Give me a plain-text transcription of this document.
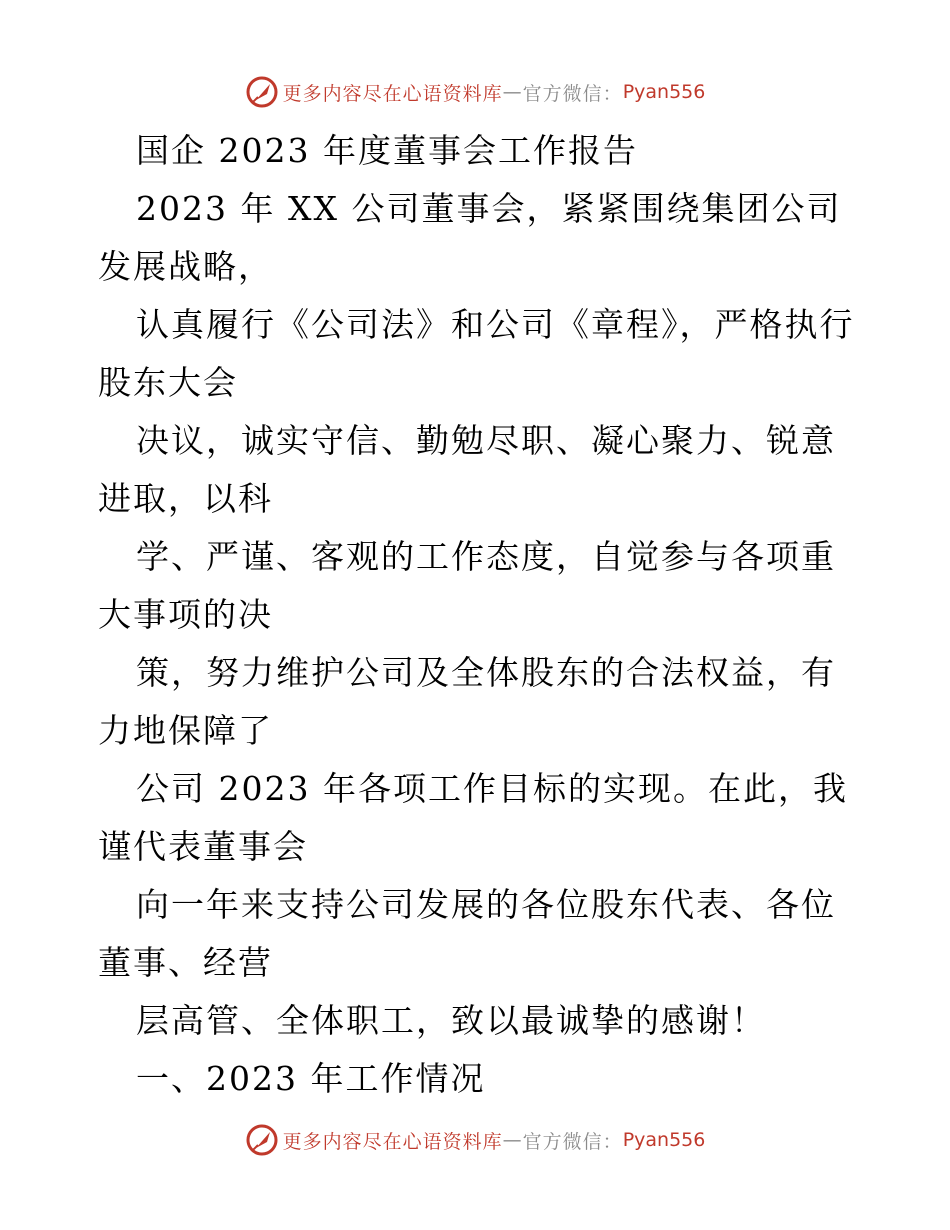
更多内容尽在心语资料库 — 官方微信： Pyan556

国企 2023 年度董事会工作报告

2023 年 XX 公司董事会，紧紧围绕集团公司发展战略，

认真履行《公司法》和公司《章程》，严格执行股东大会

决议，诚实守信、勤勉尽职、凝心聚力、锐意进取，以科

学、严谨、客观的工作态度，自觉参与各项重大事项的决

策，努力维护公司及全体股东的合法权益，有力地保障了

公司 2023 年各项工作目标的实现。在此，我谨代表董事会

向一年来支持公司发展的各位股东代表、各位董事、经营

层高管、全体职工，致以最诚挚的感谢！

一、2023 年工作情况

更多内容尽在心语资料库 — 官方微信： Pyan556
